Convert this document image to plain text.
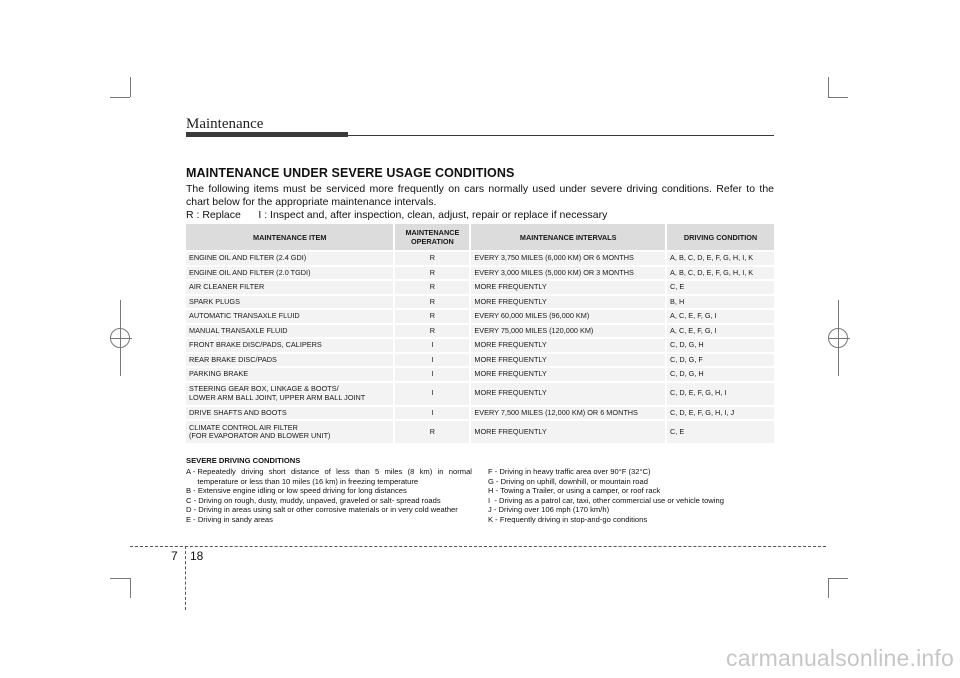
Maintenance
MAINTENANCE UNDER SEVERE USAGE CONDITIONS
The following items must be serviced more frequently on cars normally used under severe driving conditions. Refer to the chart below for the appropriate maintenance intervals.
R : Replace      I : Inspect and, after inspection, clean, adjust, repair or replace if necessary
MAINTENANCE ITEM	MAINTENANCE OPERATION	MAINTENANCE INTERVALS	DRIVING CONDITION
ENGINE OIL AND FILTER (2.4 GDI)	R	EVERY 3,750 MILES (6,000 KM) OR 6 MONTHS	A, B, C, D, E, F, G, H, I, K
ENGINE OIL AND FILTER (2.0 TGDI)	R	EVERY 3,000 MILES (5,000 KM) OR 3 MONTHS	A, B, C, D, E, F, G, H, I, K
AIR CLEANER FILTER	R	MORE FREQUENTLY	C, E
SPARK PLUGS	R	MORE FREQUENTLY	B, H
AUTOMATIC TRANSAXLE FLUID	R	EVERY 60,000 MILES (96,000 KM)	A, C, E, F, G, I
MANUAL TRANSAXLE FLUID	R	EVERY 75,000 MILES (120,000 KM)	A, C, E, F, G, I
FRONT BRAKE DISC/PADS, CALIPERS	I	MORE FREQUENTLY	C, D, G, H
REAR BRAKE DISC/PADS	I	MORE FREQUENTLY	C, D, G, F
PARKING BRAKE	I	MORE FREQUENTLY	C, D, G, H
STEERING GEAR BOX, LINKAGE & BOOTS/
LOWER ARM BALL JOINT, UPPER ARM BALL JOINT	I	MORE FREQUENTLY	C, D, E, F, G, H, I
DRIVE SHAFTS AND BOOTS	I	EVERY 7,500 MILES (12,000 KM) OR 6 MONTHS	C, D, E, F, G, H, I, J
CLIMATE CONTROL AIR FILTER
(FOR EVAPORATOR AND BLOWER UNIT)	R	MORE FREQUENTLY	C, E
SEVERE DRIVING CONDITIONS
A - Repeatedly driving short distance of less than 5 miles (8 km) in normal temperature or less than 10 miles (16 km) in freezing temperature
B - Extensive engine idling or low speed driving for long distances
C - Driving on rough, dusty, muddy, unpaved, graveled or salt- spread roads
D - Driving in areas using salt or other corrosive materials or in very cold weather
E - Driving in sandy areas
F - Driving in heavy traffic area over 90°F (32°C)
G - Driving on uphill, downhill, or mountain road
H - Towing a Trailer, or using a camper, or roof rack
I  - Driving as a patrol car, taxi, other commercial use or vehicle towing
J - Driving over 106 mph (170 km/h)
K - Frequently driving in stop-and-go conditions
7 18
carmanualsonline.info
